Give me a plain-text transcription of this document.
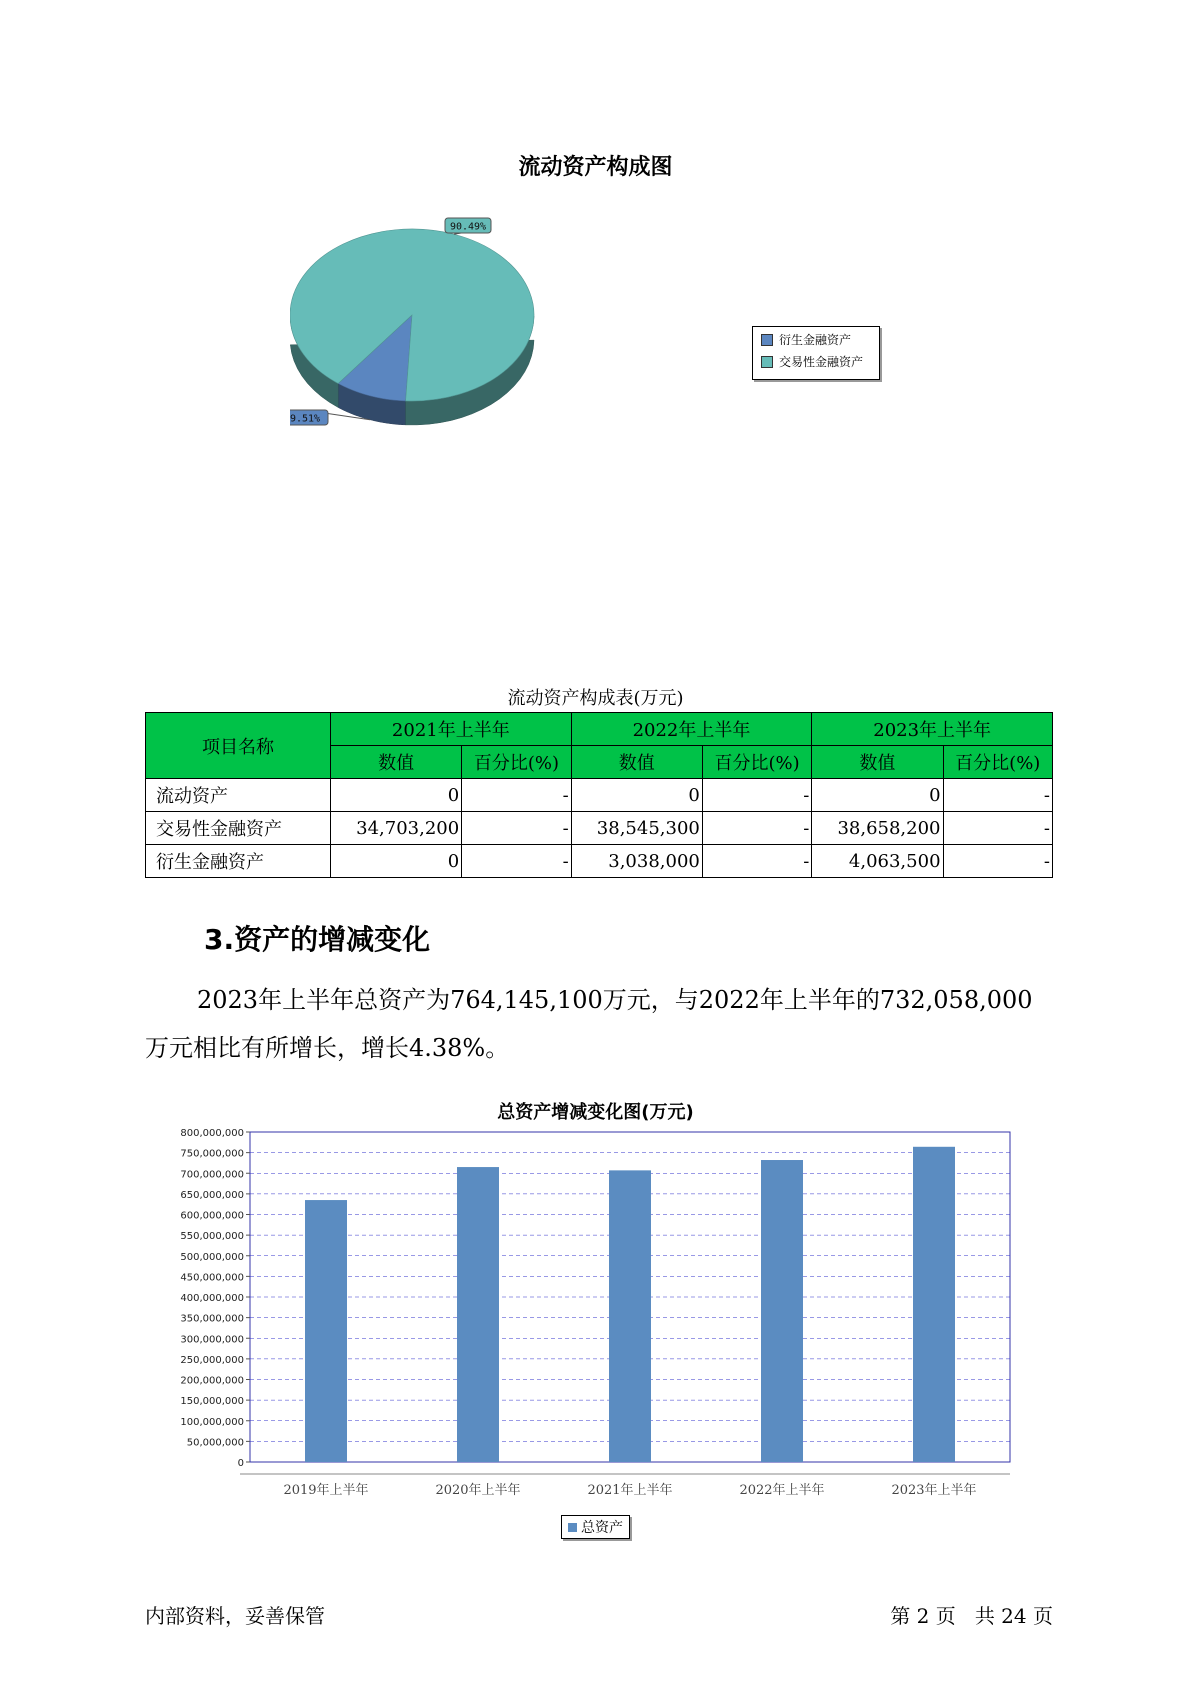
流动资产构成图
9.51%
90.49%
衍生金融资产
交易性金融资产
流动资产构成表(万元)
项目名称	2021年上半年		2022年上半年		2023年上半年	
	数值	百分比(%)	数值	百分比(%)	数值	百分比(%)
流动资产	0	-	0	-	0	-
交易性金融资产	34,703,200	-	38,545,300	-	38,658,200	-
衍生金融资产	0	-	3,038,000	-	4,063,500	-
3.资产的增减变化
2023年上半年总资产为764,145,100万元，与2022年上半年的732,058,000万元相比有所增长，增长4.38%。
总资产增减变化图(万元)
0
50,000,000
100,000,000
150,000,000
200,000,000
250,000,000
300,000,000
350,000,000
400,000,000
450,000,000
500,000,000
550,000,000
600,000,000
650,000,000
700,000,000
750,000,000
800,000,000
2019年上半年	2020年上半年	2021年上半年	2022年上半年	2023年上半年
总资产
内部资料，妥善保管	第 2 页   共 24 页
